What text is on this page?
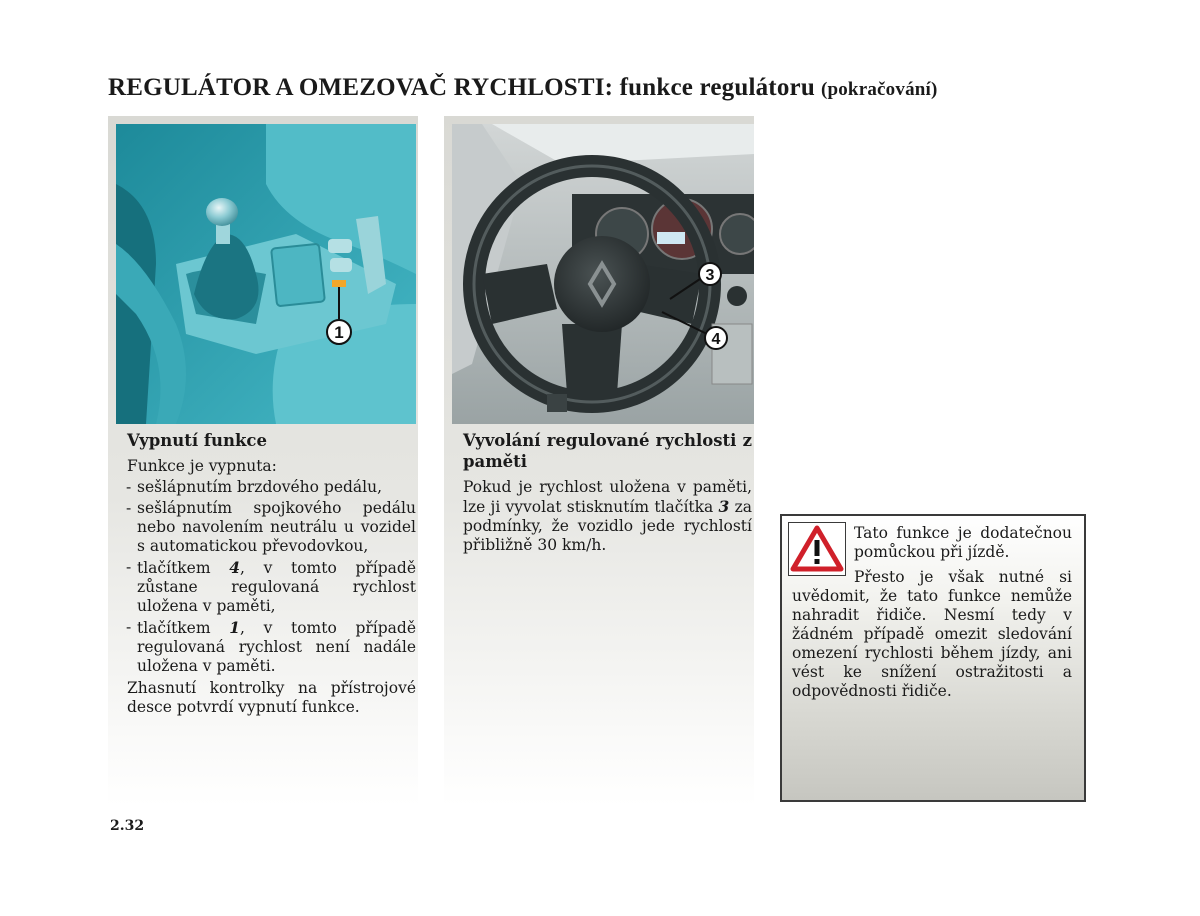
REGULÁTOR A OMEZOVAČ RYCHLOSTI: funkce regulátoru (pokračování)
1
Vypnutí funkce

Funkce je vypnuta:

- sešlápnutím brzdového pedálu,
- sešlápnutím spojkového pedálu nebo navolením neutrálu u vozidel s automatickou převodovkou,
- tlačítkem 4, v tomto případě zůstane regulovaná rychlost uložena v paměti,
- tlačítkem 1, v tomto případě regulovaná rychlost není nadále uložena v paměti.

Zhasnutí kontrolky na přístrojové desce potvrdí vypnutí funkce.

3
4
Vyvolání regulované rychlosti z paměti

Pokud je rychlost uložena v paměti, lze ji vyvolat stisknutím tlačítka 3 za podmínky, že vozidlo jede rychlostí přibližně 30 km/h.

Tato funkce je dodatečnou pomůckou při jízdě.

Přesto je však nutné si uvědomit, že tato funkce nemůže nahradit řidiče. Nesmí tedy v žádném případě omezit sledování omezení rychlosti během jízdy, ani vést ke snížení ostražitosti a odpovědnosti řidiče.

2.32
